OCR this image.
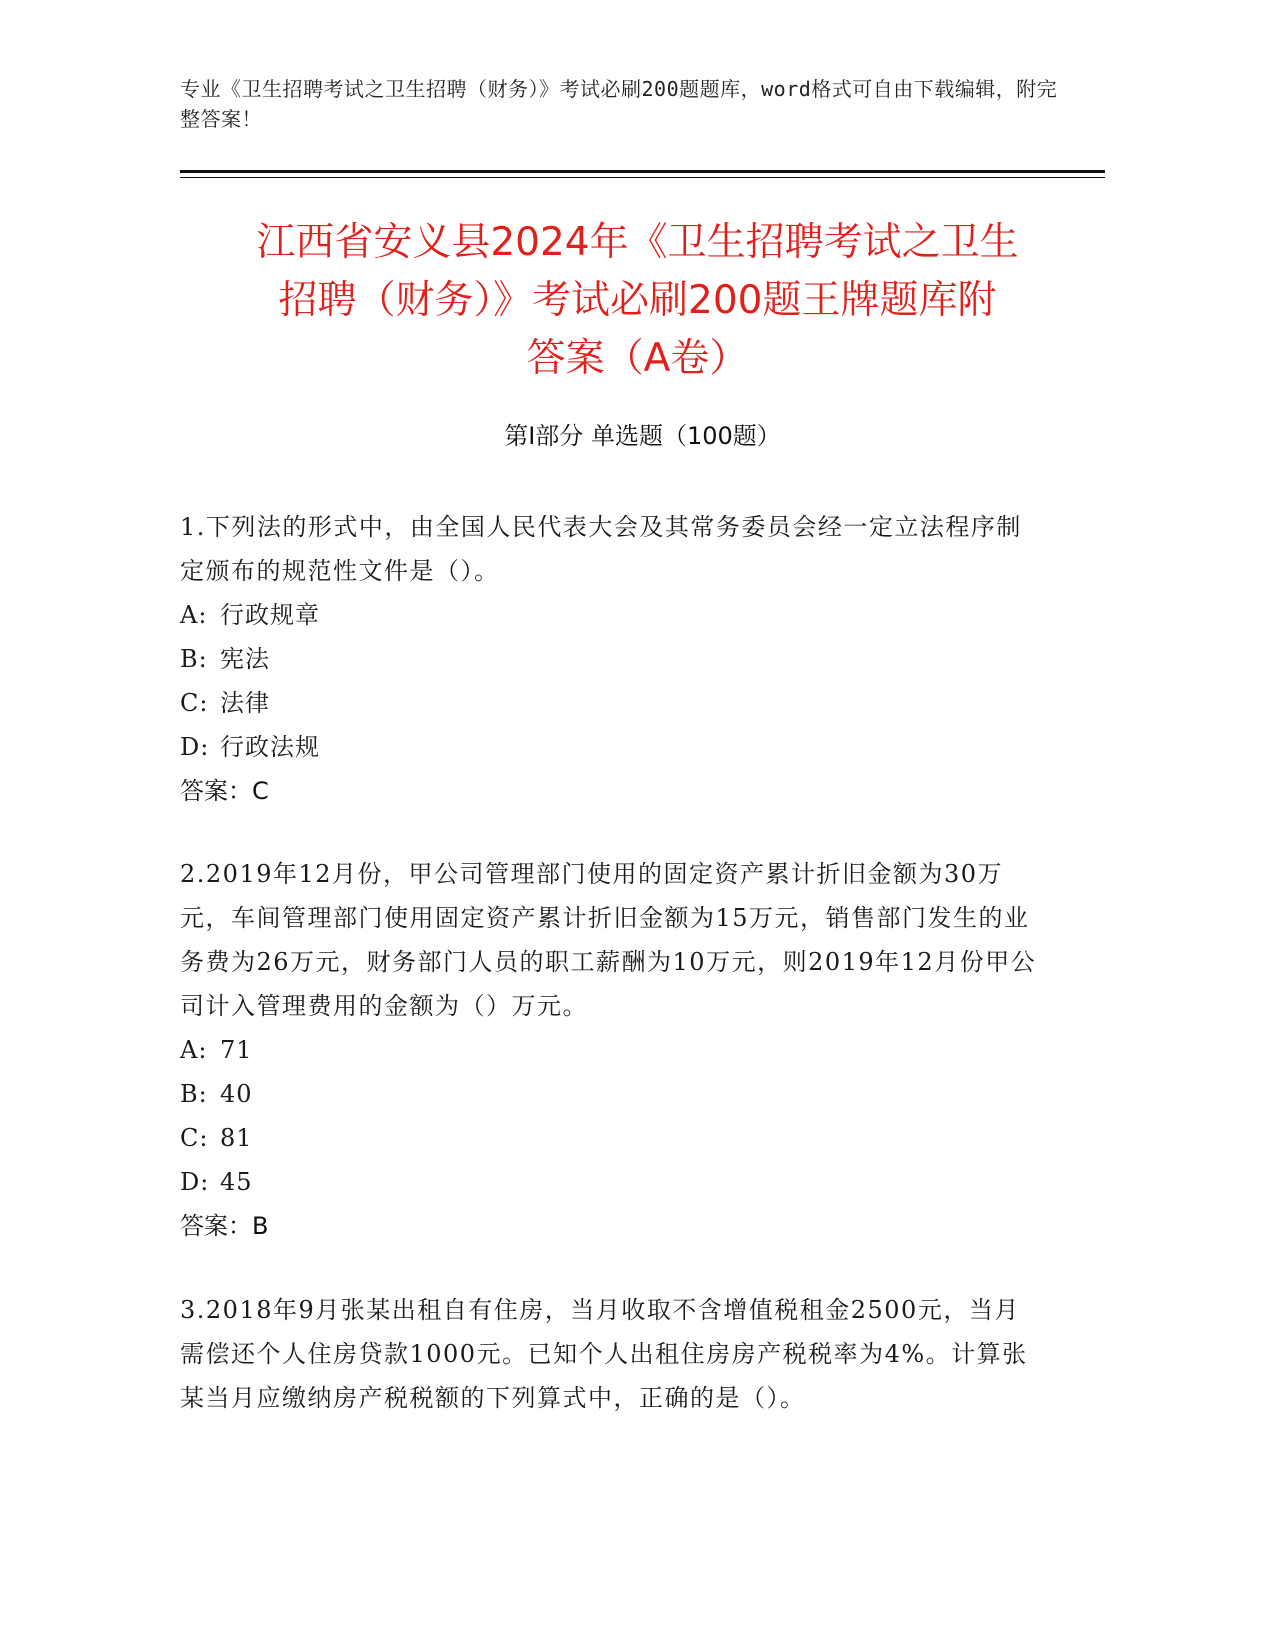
专业《卫生招聘考试之卫生招聘（财务）》考试必刷200题题库，word格式可自由下载编辑，附完整答案！
江西省安义县2024年《卫生招聘考试之卫生
招聘（财务）》考试必刷200题王牌题库附
答案（A卷）
第Ⅰ部分 单选题（100题）

1.下列法的形式中，由全国人民代表大会及其常务委员会经一定立法程序制定颁布的规范性文件是（）。

A: 行政规章

B: 宪法

C: 法律

D: 行政法规

答案：C

2.2019年12月份，甲公司管理部门使用的固定资产累计折旧金额为30万元，车间管理部门使用固定资产累计折旧金额为15万元，销售部门发生的业务费为26万元，财务部门人员的职工薪酬为10万元，则2019年12月份甲公司计入管理费用的金额为（）万元。

A: 71

B: 40

C: 81

D: 45

答案：B

3.2018年9月张某出租自有住房，当月收取不含增值税租金2500元，当月需偿还个人住房贷款1000元。已知个人出租住房房产税税率为4%。计算张某当月应缴纳房产税税额的下列算式中，正确的是（）。
